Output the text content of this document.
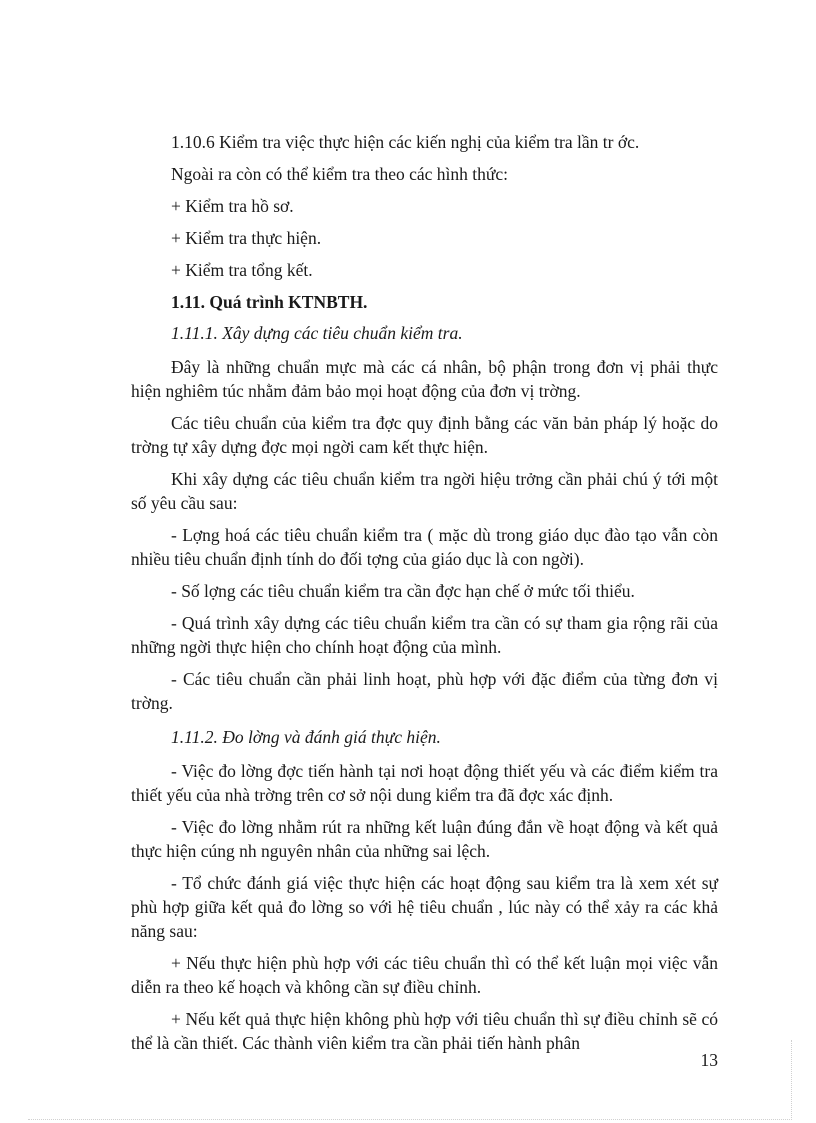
1.10.6 Kiểm tra việc thực hiện các kiến nghị của kiểm tra lần tr ớc.

Ngoài ra còn có thể kiểm tra theo các hình thức:

+ Kiểm tra hồ sơ.

+ Kiểm tra thực hiện.

+ Kiểm tra tổng kết.

1.11. Quá trình KTNBTH.

1.11.1. Xây dựng các tiêu chuẩn kiểm tra.

Đây là những chuẩn mực mà các cá nhân, bộ phận trong đơn vị phải thực hiện nghiêm túc nhằm đảm bảo mọi hoạt động của đơn vị trờng.

Các tiêu chuẩn của kiểm tra đợc quy định bằng các văn bản pháp lý hoặc do trờng tự xây dựng đợc mọi ngời cam kết thực hiện.

Khi xây dựng các tiêu chuẩn kiểm tra ngời hiệu trởng cần phải chú ý tới một số yêu cầu sau:

- Lợng hoá các tiêu chuẩn kiểm tra ( mặc dù trong giáo dục đào tạo vẫn còn nhiều tiêu chuẩn định tính do đối tợng của giáo dục là con ngời).

- Số lợng các tiêu chuẩn kiểm tra cần đợc hạn chế ở mức tối thiểu.

- Quá trình xây dựng các tiêu chuẩn kiểm tra cần có sự tham gia rộng rãi của những ngời thực hiện cho chính hoạt động của mình.

- Các tiêu chuẩn cần phải linh hoạt, phù hợp với đặc điểm của từng đơn vị trờng.

1.11.2. Đo lờng và đánh giá thực hiện.

- Việc đo lờng đợc tiến hành tại nơi hoạt động thiết yếu và các điểm kiểm tra thiết yếu của nhà trờng trên cơ sở nội dung kiểm tra đã đợc xác định.

- Việc đo lờng nhằm rút ra những kết luận đúng đắn về hoạt động và kết quả thực hiện cúng nh nguyên nhân của những sai lệch.

- Tổ chức đánh giá việc thực hiện các hoạt động sau kiểm tra là xem xét sự phù hợp giữa kết quả đo lờng so với hệ tiêu chuẩn , lúc này có thể xảy ra các khả năng sau:

+ Nếu thực hiện phù hợp với các tiêu chuẩn thì có thể kết luận mọi việc vẫn diễn ra theo kế hoạch và không cần sự điều chỉnh.

+ Nếu kết quả thực hiện không phù hợp với tiêu chuẩn thì sự điều chỉnh sẽ có thể là cần thiết. Các thành viên kiểm tra cần phải tiến hành phân

13
